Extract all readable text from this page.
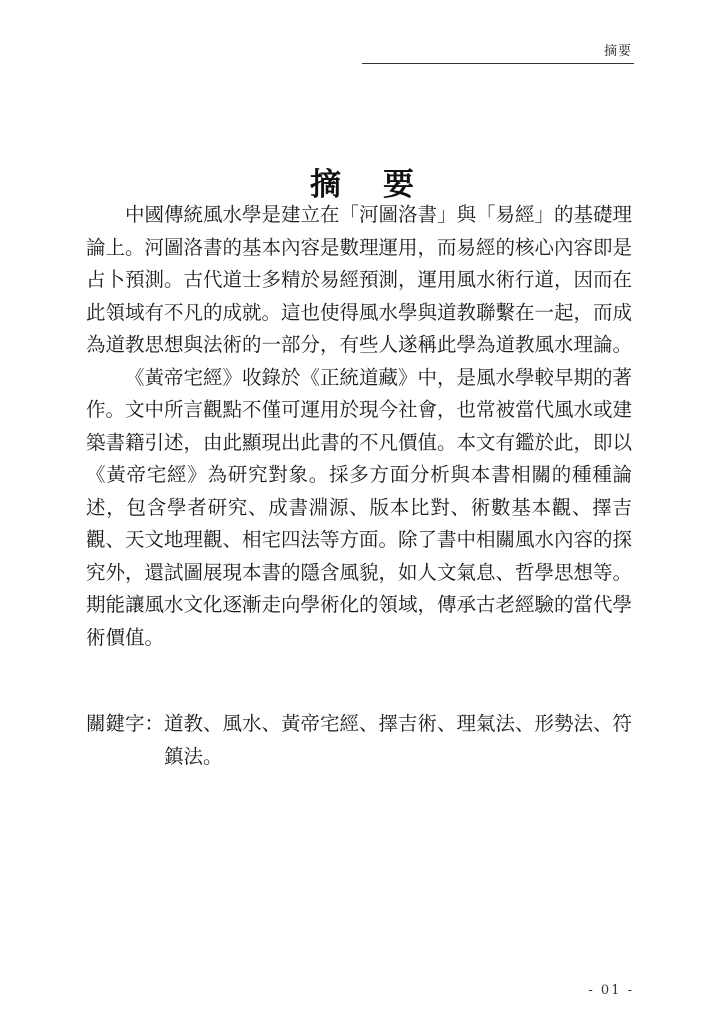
摘要
摘要

中國傳統風水學是建立在「河圖洛書」與「易經」的基礎理論上。河圖洛書的基本內容是數理運用，而易經的核心內容即是占卜預測。古代道士多精於易經預測，運用風水術行道，因而在此領域有不凡的成就。這也使得風水學與道教聯繫在一起，而成為道教思想與法術的一部分，有些人遂稱此學為道教風水理論。

《黃帝宅經》收錄於《正統道藏》中，是風水學較早期的著作。文中所言觀點不僅可運用於現今社會，也常被當代風水或建築書籍引述，由此顯現出此書的不凡價值。本文有鑑於此，即以《黃帝宅經》為研究對象。採多方面分析與本書相關的種種論述，包含學者研究、成書淵源、版本比對、術數基本觀、擇吉觀、天文地理觀、相宅四法等方面。除了書中相關風水內容的探究外，還試圖展現本書的隱含風貌，如人文氣息、哲學思想等。期能讓風水文化逐漸走向學術化的領域，傳承古老經驗的當代學術價值。

關鍵字： 道教、風水、黃帝宅經、擇吉術、理氣法、形勢法、符鎮法。
- 01 -
